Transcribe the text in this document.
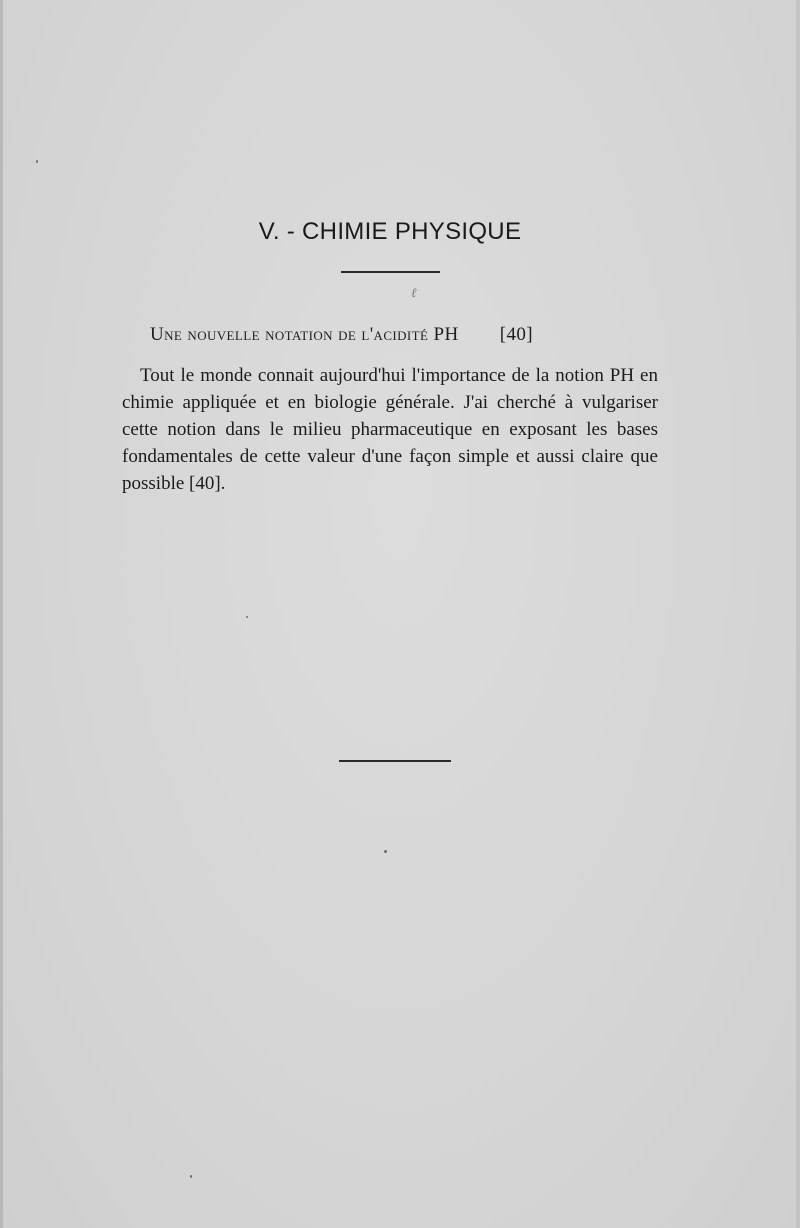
V. - CHIMIE PHYSIQUE
ℓ
Une nouvelle notation de l'acidité PH [40]

Tout le monde connait aujourd'hui l'importance de la notion PH en chimie appliquée et en biologie générale. J'ai cherché à vulgariser cette notion dans le milieu pharmaceutique en exposant les bases fondamentales de cette valeur d'une façon simple et aussi claire que possible [40].
